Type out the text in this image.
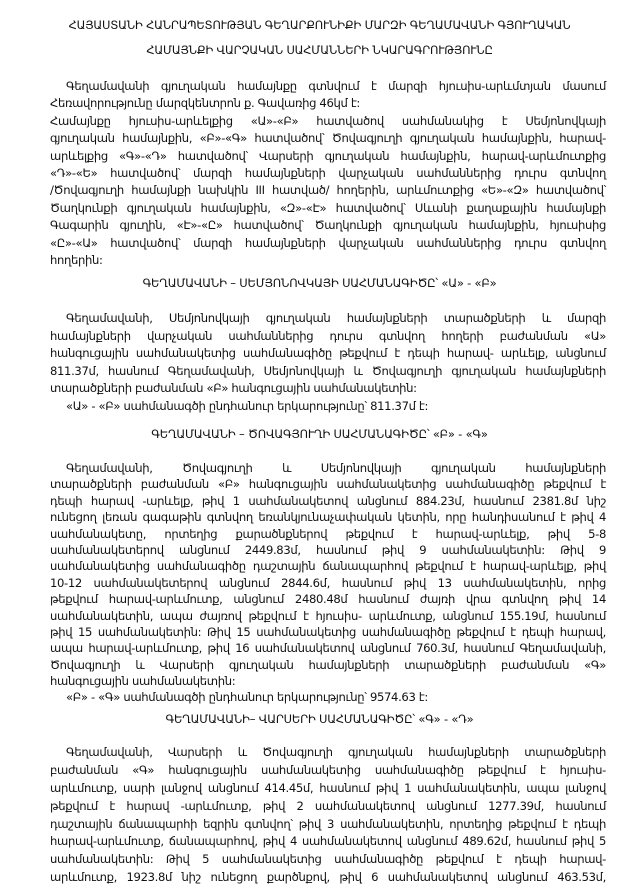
ՀԱՅԱՍՏԱՆԻ ՀԱՆՐԱՊԵՏՈՒԹՅԱՆ ԳԵՂԱՐՔՈՒՆԻՔԻ ՄԱՐԶԻ ԳԵՂԱՄԱՎԱՆԻ ԳՅՈՒՂԱԿԱՆ
ՀԱՄԱՅՆՔԻ ՎԱՐՉԱԿԱՆ ՍԱՀՄԱՆՆԵՐԻ ՆԿԱՐԱԳՐՈՒԹՅՈՒՆԸ
Գեղամավանի գյուղական համայնքը գտնվում է մարզի հյուսիս-արևմտյան մասում
Հեռավորությունը մարզկենտրոն ք. Գավառից 46կմ է:
Համայնքը հյուսիս-արևելքից «Ա»-«Բ» հատվածով սահմանակից է Սեմյոնովկայի
գյուղական համայնքին, «Բ»-«Գ» հատվածով՝ Ծովագյուղի գյուղական համայնքին, հարավ-
արևելքից «Գ»-«Դ» հատվածով՝ Վարսերի գյուղական համայնքին, հարավ-արևմուտքից
«Դ»-«Ե» հատվածով՝ մարզի համայնքների վարչական սահմաններից դուրս գտնվող
/Ծովագյուղի համայնքի նախկին III հատված/ հողերին, արևմուտքից «Ե»-«Զ» հատվածով՝
Ծաղկունքի գյուղական համայնքին, «Զ»-«Է» հատվածով՝ Սևանի քաղաքային համայնքի
Գագարին գյուղին, «Է»-«Ը» հատվածով՝ Ծաղկունքի գյուղական համայնքին, հյուսիսից
«Ը»-«Ա» հատվածով՝ մարզի համայնքների վարչական սահմաններից դուրս գտնվող
հողերին:
ԳԵՂԱՄԱՎԱՆԻ – ՍԵՄՅՈՆՈՎԿԱՅԻ ՍԱՀՄԱՆԱԳԻԾԸ՝ «Ա» - «Բ»
Գեղամավանի, Սեմյոնովկայի գյուղական համայնքների տարածքների և մարզի
համայնքների վարչական սահմաններից դուրս գտնվող հողերի բաժանման «Ա»
հանգուցային սահմանակետից սահմանագիծը թեքվում է դեպի հարավ- արևելք, անցնում
811.37մ, հասնում Գեղամավանի, Սեմյոնովկայի և Ծովագյուղի գյուղական համայնքների
տարածքների բաժանման «Բ» հանգուցային սահմանակետին:
«Ա» - «Բ» սահմանագծի ընդհանուր երկարությունը՝ 811.37մ է:
ԳԵՂԱՄԱՎԱՆԻ – ԾՈՎԱԳՅՈՒՂԻ ՍԱՀՄԱՆԱԳԻԾԸ՝ «Բ» - «Գ»
Գեղամավանի, Ծովագյուղի և Սեմյոնովկայի գյուղական համայնքների
տարածքների բաժանման «Բ» հանգուցային սահմանակետից սահմանագիծը թեքվում է
դեպի հարավ -արևելք, թիվ 1 սահմանակետով անցնում 884.23մ, հասնում 2381.8մ նիշ
ունեցող լեռան գագաթին գտնվող եռանկյունաչափական կետին, որը հանդիսանում է թիվ 4
սահմանակետը, որտեղից քարածնքներով թեքվում է հարավ-արևելք, թիվ 5-8
սահմանակետերով անցնում 2449.83մ, հասնում թիվ 9 սահմանակետին: Թիվ 9
սահմանակետից սահմանագիծը դաշտային ճանապարհով թեքվում է հարավ-արևելք, թիվ
10-12 սահմանակետերով անցնում 2844.6մ, հասնում թիվ 13 սահմանակետին, որից
թեքվում հարավ-արևմուտք, անցնում 2480.48մ հասնում ժայռի վրա գտնվող թիվ 14
սահմանակետին, ապա ժայռով թեքվում է հյուսիս- արևմուտք, անցնում 155.19մ, հասնում
թիվ 15 սահմանակետին: Թիվ 15 սահմանակետից սահմանագիծը թեքվում է դեպի հարավ,
ապա հարավ-արևմուտք, թիվ 16 սահմանակետով անցնում 760.3մ, հասնում Գեղամավանի,
Ծովագյուղի և Վարսերի գյուղական համայնքների տարածքների բաժանման «Գ»
հանգուցային սահմանակետին:
«Բ» - «Գ» սահմանագծի ընդհանուր երկարությունը՝ 9574.63 է:
ԳԵՂԱՄԱՎԱՆԻ– ՎԱՐՍԵՐԻ ՍԱՀՄԱՆԱԳԻԾԸ՝ «Գ» - «Դ»
Գեղամավանի, Վարսերի և Ծովագյուղի գյուղական համայնքների տարածքների
բաժանման «Գ» հանգուցային սահմանակետից սահմանագիծը թեքվում է հյուսիս-
արևմուտք, սարի լանջով անցնում 414.45մ, հասնում թիվ 1 սահմանակետին, ապա լանջով
թեքվում է հարավ -արևմուտք, թիվ 2 սահմանակետով անցնում 1277.39մ, հասնում
դաշտային ճանապարհի եզրին գտնվող՝ թիվ 3 սահմանակետին, որտեղից թեքվում է դեպի
հարավ-արևմուտք, ճանապարհով, թիվ 4 սահմանակետով անցնում 489.62մ, հասնում թիվ 5
սահմանակետին: Թիվ 5 սահմանակետից սահմանագիծը թեքվում է դեպի հարավ-
արևմուտք, 1923.8մ նիշ ունեցող քարծնքով, թիվ 6 սահմանակետով անցնում 463.53մ,
